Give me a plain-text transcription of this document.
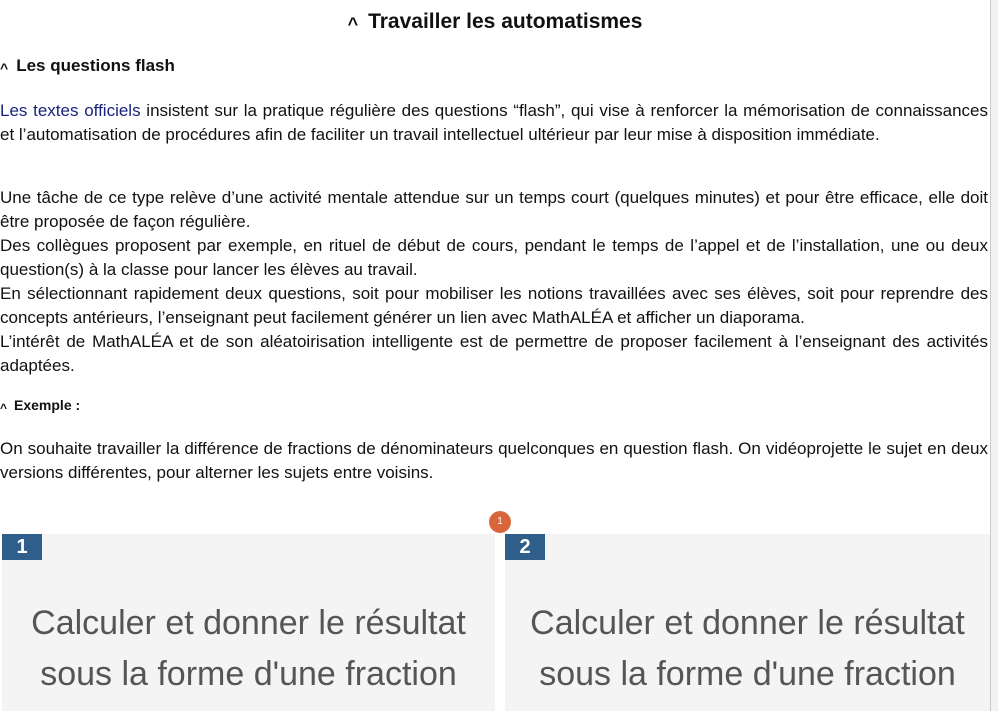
^ Travailler les automatismes
^ Les questions flash

Les textes officiels insistent sur la pratique régulière des questions “flash”, qui vise à renforcer la mémorisation de connaissances et l’automatisation de procédures afin de faciliter un travail intellectuel ultérieur par leur mise à disposition immédiate.

Une tâche de ce type relève d’une activité mentale attendue sur un temps court (quelques minutes) et pour être efficace, elle doit être proposée de façon régulière.
Des collègues proposent par exemple, en rituel de début de cours, pendant le temps de l’appel et de l’installation, une ou deux question(s) à la classe pour lancer les élèves au travail.
En sélectionnant rapidement deux questions, soit pour mobiliser les notions travaillées avec ses élèves, soit pour reprendre des concepts antérieurs, l’enseignant peut facilement générer un lien avec MathALÉA et afficher un diaporama.
L’intérêt de MathALÉA et de son aléatoirisation intelligente est de permettre de proposer facilement à l’enseignant des activités adaptées.

^ Exemple :

On souhaite travailler la différence de fractions de dénominateurs quelconques en question flash. On vidéoprojette le sujet en deux versions différentes, pour alterner les sujets entre voisins.

1
1
Calculer et donner le résultat
sous la forme d'une fraction
2
Calculer et donner le résultat
sous la forme d'une fraction
